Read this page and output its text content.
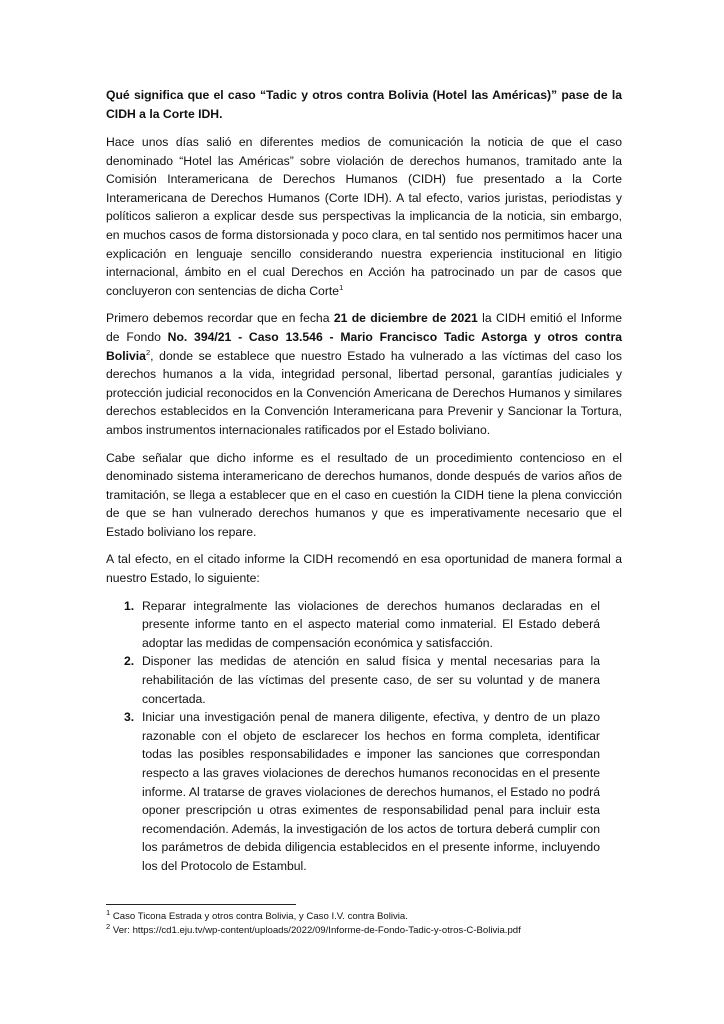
Qué significa que el caso “Tadic y otros contra Bolivia (Hotel las Américas)” pase de la CIDH a la Corte IDH.

Hace unos días salió en diferentes medios de comunicación la noticia de que el caso denominado “Hotel las Américas” sobre violación de derechos humanos, tramitado ante la Comisión Interamericana de Derechos Humanos (CIDH) fue presentado a la Corte Interamericana de Derechos Humanos (Corte IDH). A tal efecto, varios juristas, periodistas y políticos salieron a explicar desde sus perspectivas la implicancia de la noticia, sin embargo, en muchos casos de forma distorsionada y poco clara, en tal sentido nos permitimos hacer una explicación en lenguaje sencillo considerando nuestra experiencia institucional en litigio internacional, ámbito en el cual Derechos en Acción ha patrocinado un par de casos que concluyeron con sentencias de dicha Corte$^1$

Primero debemos recordar que en fecha 21 de diciembre de 2021 la CIDH emitió el Informe de Fondo No. 394/21 - Caso 13.546 - Mario Francisco Tadic Astorga y otros contra Bolivia$^2$, donde se establece que nuestro Estado ha vulnerado a las víctimas del caso los derechos humanos a la vida, integridad personal, libertad personal, garantías judiciales y protección judicial reconocidos en la Convención Americana de Derechos Humanos y similares derechos establecidos en la Convención Interamericana para Prevenir y Sancionar la Tortura, ambos instrumentos internacionales ratificados por el Estado boliviano.

Cabe señalar que dicho informe es el resultado de un procedimiento contencioso en el denominado sistema interamericano de derechos humanos, donde después de varios años de tramitación, se llega a establecer que en el caso en cuestión la CIDH tiene la plena convicción de que se han vulnerado derechos humanos y que es imperativamente necesario que el Estado boliviano los repare.

A tal efecto, en el citado informe la CIDH recomendó en esa oportunidad de manera formal a nuestro Estado, lo siguiente:

1. Reparar integralmente las violaciones de derechos humanos declaradas en el presente informe tanto en el aspecto material como inmaterial. El Estado deberá adoptar las medidas de compensación económica y satisfacción.
2. Disponer las medidas de atención en salud física y mental necesarias para la rehabilitación de las víctimas del presente caso, de ser su voluntad y de manera concertada.
3. Iniciar una investigación penal de manera diligente, efectiva, y dentro de un plazo razonable con el objeto de esclarecer los hechos en forma completa, identificar todas las posibles responsabilidades e imponer las sanciones que correspondan respecto a las graves violaciones de derechos humanos reconocidas en el presente informe. Al tratarse de graves violaciones de derechos humanos, el Estado no podrá oponer prescripción u otras eximentes de responsabilidad penal para incluir esta recomendación. Además, la investigación de los actos de tortura deberá cumplir con los parámetros de debida diligencia establecidos en el presente informe, incluyendo los del Protocolo de Estambul.
$^1$ Caso Ticona Estrada y otros contra Bolivia, y Caso I.V. contra Bolivia.
$^2$ Ver: https://cd1.eju.tv/wp-content/uploads/2022/09/Informe-de-Fondo-Tadic-y-otros-C-Bolivia.pdf
